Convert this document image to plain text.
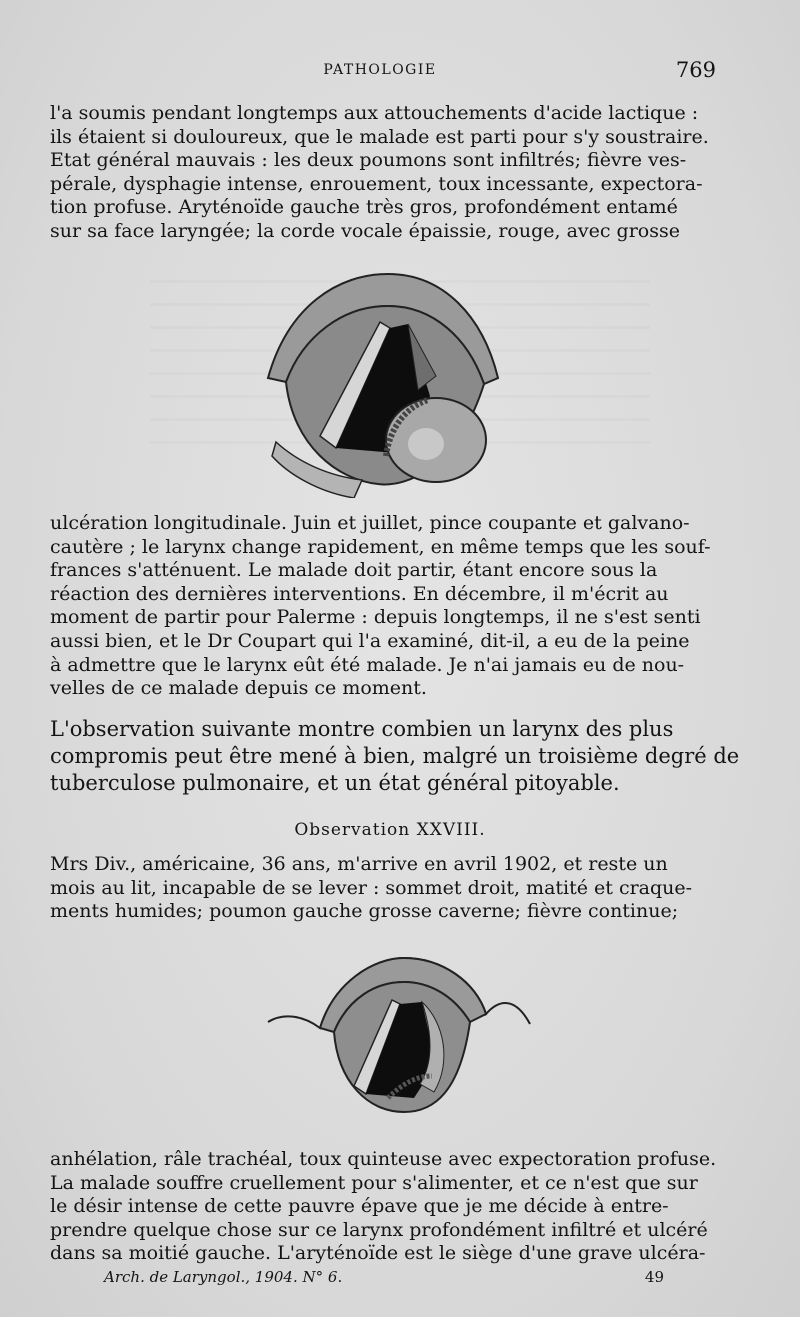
PATHOLOGIE	769

l'a soumis pendant longtemps aux attouchements d'acide lactique :
ils étaient si douloureux, que le malade est parti pour s'y soustraire.
Etat général mauvais : les deux poumons sont infiltrés; fièvre ves-
pérale, dysphagie intense, enrouement, toux incessante, expectora-
tion profuse. Aryténoïde gauche très gros, profondément entamé
sur sa face laryngée; la corde vocale épaissie, rouge, avec grosse

ulcération longitudinale. Juin et juillet, pince coupante et galvano-
cautère ; le larynx change rapidement, en même temps que les souf-
frances s'atténuent. Le malade doit partir, étant encore sous la
réaction des dernières interventions. En décembre, il m'écrit au
moment de partir pour Palerme : depuis longtemps, il ne s'est senti
aussi bien, et le Dr Coupart qui l'a examiné, dit-il, a eu de la peine
à admettre que le larynx eût été malade. Je n'ai jamais eu de nou-
velles de ce malade depuis ce moment.

L'observation suivante montre combien un larynx des plus
compromis peut être mené à bien, malgré un troisième degré de
tuberculose pulmonaire, et un état général pitoyable.

Observation XXVIII.

Mrs Div., américaine, 36 ans, m'arrive en avril 1902, et reste un
mois au lit, incapable de se lever : sommet droit, matité et craque-
ments humides; poumon gauche grosse caverne; fièvre continue;

anhélation, râle trachéal, toux quinteuse avec expectoration profuse.
La malade souffre cruellement pour s'alimenter, et ce n'est que sur
le désir intense de cette pauvre épave que je me décide à entre-
prendre quelque chose sur ce larynx profondément infiltré et ulcéré
dans sa moitié gauche. L'aryténoïde est le siège d'une grave ulcéra-

Arch. de Laryngol., 1904. N° 6.	49
